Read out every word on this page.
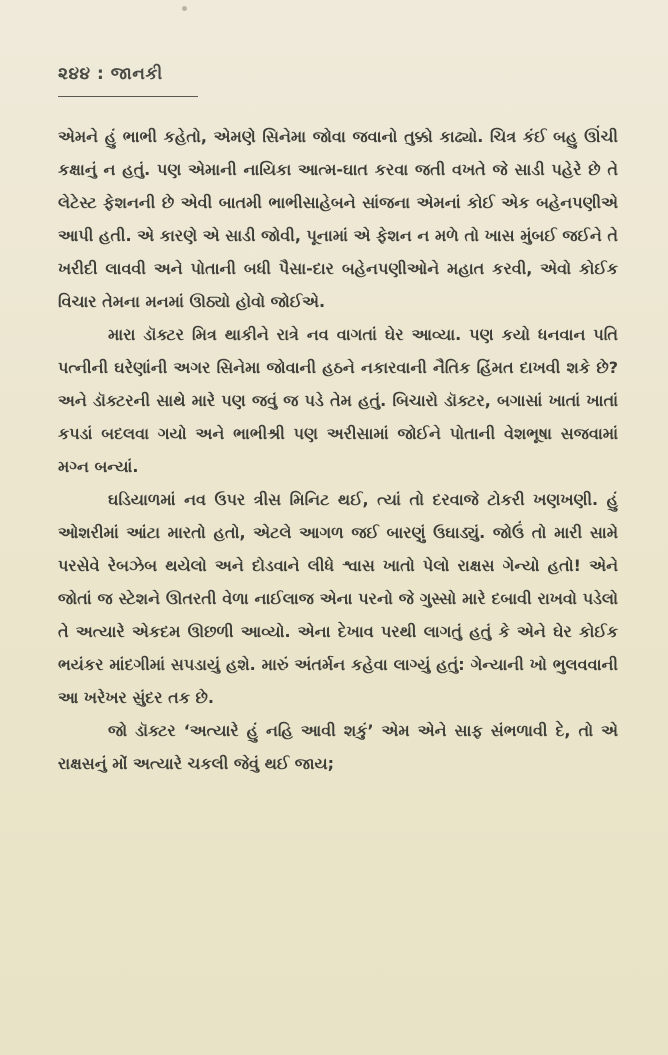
૨૪૪ : જાનકી

એમને હું ભાભી કહેતો, એમણે સિનેમા જોવા જવાનો તુક્કો કાઢ્યો. ચિત્ર કંઈ બહુ ઊંચી કક્ષાનું ન હતું. પણ એમાની નાયિકા આત્મ-ઘાત કરવા જતી વખતે જે સાડી પહેરે છે તે લેટેસ્ટ ફેશનની છે એવી બાતમી ભાભીસાહેબને સાંજના એમનાં કોઈ એક બહેનપણીએ આપી હતી. એ કારણે એ સાડી જોવી, પૂનામાં એ ફેશન ન મળે તો ખાસ મુંબઈ જઈને તે ખરીદી લાવવી અને પોતાની બધી પૈસા-દાર બહેનપણીઓને મહાત કરવી, એવો કોઈક વિચાર તેમના મનમાં ઊઠ્યો હોવો જોઈએ.

મારા ડૉક્ટર મિત્ર થાકીને રાત્રે નવ વાગતાં ઘેર આવ્યા. પણ કયો ધનવાન પતિ પત્નીની ઘરેણાંની અગર સિનેમા જોવાની હઠને નકારવાની નૈતિક હિંમત દાખવી શકે છે? અને ડૉક્ટરની સાથે મારે પણ જવું જ પડે તેમ હતું. બિચારો ડૉક્ટર, બગાસાં ખાતાં ખાતાં કપડાં બદલવા ગયો અને ભાભીશ્રી પણ અરીસામાં જોઈને પોતાની વેશભૂષા સજવામાં મગ્ન બન્યાં.

ઘડિયાળમાં નવ ઉપર ત્રીસ મિનિટ થઈ, ત્યાં તો દરવાજે ટોકરી ખણખણી. હું ઓશરીમાં આંટા મારતો હતો, એટલે આગળ જઈ બારણું ઉઘાડ્યું. જોઉં તો મારી સામે પરસેવે રેબઝેબ થયેલો અને દોડવાને લીધે શ્વાસ ખાતો પેલો રાક્ષસ ગેન્યો હતો! એને જોતાં જ સ્ટેશને ઊતરતી વેળા નાઈલાજ એના પરનો જે ગુસ્સો મારે દબાવી રાખવો પડેલો તે અત્યારે એકદમ ઊછળી આવ્યો. એના દેખાવ પરથી લાગતું હતું કે એને ઘેર કોઈક ભયંકર માંદગીમાં સપડાયું હશે. મારું અંતર્મન કહેવા લાગ્યું હતું: ગેન્યાની ખો ભુલવવાની આ ખરેખર સુંદર તક છે.

જો ડૉક્ટર ‘અત્યારે હું નહિ આવી શકું’ એમ એને સાફ સંભળાવી દે, તો એ રાક્ષસનું મોં અત્યારે ચકલી જેવું થઈ જાય;
